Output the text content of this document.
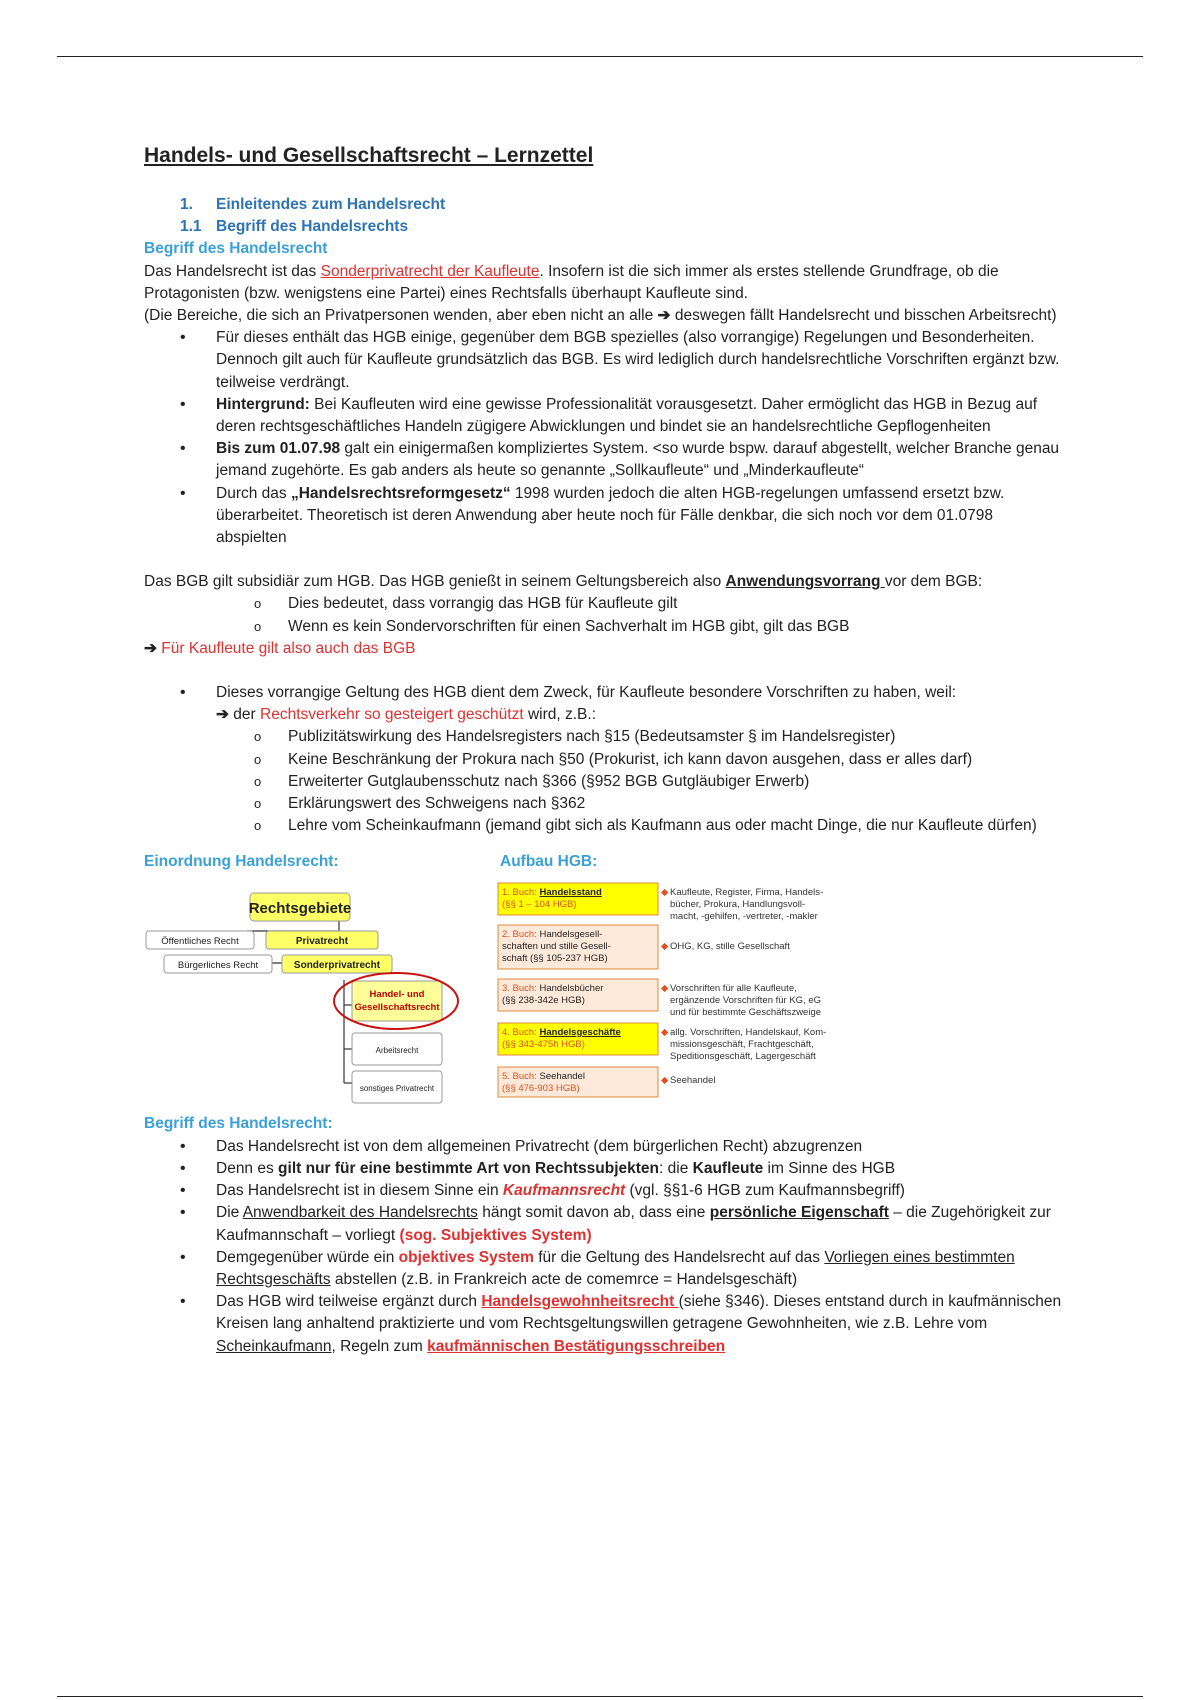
Handels- und Gesellschaftsrecht – Lernzettel
1. Einleitendes zum Handelsrecht
1.1 Begriff des Handelsrechts
Begriff des Handelsrecht

Das Handelsrecht ist das Sonderprivatrecht der Kaufleute. Insofern ist die sich immer als erstes stellende Grundfrage, ob die Protagonisten (bzw. wenigstens eine Partei) eines Rechtsfalls überhaupt Kaufleute sind.

(Die Bereiche, die sich an Privatpersonen wenden, aber eben nicht an alle ➔ deswegen fällt Handelsrecht und bisschen Arbeitsrecht)

• Für dieses enthält das HGB einige, gegenüber dem BGB spezielles (also vorrangige) Regelungen und Besonderheiten. Dennoch gilt auch für Kaufleute grundsätzlich das BGB. Es wird lediglich durch handelsrechtliche Vorschriften ergänzt bzw. teilweise verdrängt.
• Hintergrund: Bei Kaufleuten wird eine gewisse Professionalität vorausgesetzt. Daher ermöglicht das HGB in Bezug auf deren rechtsgeschäftliches Handeln zügigere Abwicklungen und bindet sie an handelsrechtliche Gepflogenheiten
• Bis zum 01.07.98 galt ein einigermaßen kompliziertes System. <so wurde bspw. darauf abgestellt, welcher Branche genau jemand zugehörte. Es gab anders als heute so genannte „Sollkaufleute“ und „Minderkaufleute“
• Durch das „Handelsrechtsreformgesetz“ 1998 wurden jedoch die alten HGB-regelungen umfassend ersetzt bzw. überarbeitet. Theoretisch ist deren Anwendung aber heute noch für Fälle denkbar, die sich noch vor dem 01.0798 abspielten

Das BGB gilt subsidiär zum HGB. Das HGB genießt in seinem Geltungsbereich also Anwendungsvorrang vor dem BGB:

o Dies bedeutet, dass vorrangig das HGB für Kaufleute gilt
o Wenn es kein Sondervorschriften für einen Sachverhalt im HGB gibt, gilt das BGB

➔ Für Kaufleute gilt also auch das BGB

• Dieses vorrangige Geltung des HGB dient dem Zweck, für Kaufleute besondere Vorschriften zu haben, weil:
➔ der Rechtsverkehr so gesteigert geschützt wird, z.B.:
o Publizitätswirkung des Handelsregisters nach §15 (Bedeutsamster § im Handelsregister)
o Keine Beschränkung der Prokura nach §50 (Prokurist, ich kann davon ausgehen, dass er alles darf)
o Erweiterter Gutglaubensschutz nach §366 (§952 BGB Gutgläubiger Erwerb)
o Erklärungswert des Schweigens nach §362
o Lehre vom Scheinkaufmann (jemand gibt sich als Kaufmann aus oder macht Dinge, die nur Kaufleute dürfen)
Einordnung Handelsrecht:	Aufbau HGB:
Rechtsgebiete
Öffentliches Recht	Privatrecht
Bürgerliches Recht	Sonderprivatrecht
Handel- und
Gesellschaftsrecht
Arbeitsrecht
sonstiges Privatrecht
1. Buch: Handelsstand
(§§ 1 – 104 HGB)
◆ Kaufleute, Register, Firma, Handels-
bücher, Prokura, Handlungsvoll-
macht, -gehilfen, -vertreter, -makler
2. Buch: Handelsgesell-
schaften und stille Gesell-
schaft (§§ 105-237 HGB)
◆ OHG, KG, stille Gesellschaft
3. Buch: Handelsbücher
(§§ 238-342e HGB)
◆ Vorschriften für alle Kaufleute,
ergänzende Vorschriften für KG, eG
und für bestimmte Geschäftszweige
4. Buch: Handelsgeschäfte
(§§ 343-475h HGB)
◆ allg. Vorschriften, Handelskauf, Kom-
missionsgeschäft, Frachtgeschäft,
Speditionsgeschäft, Lagergeschäft
5. Buch: Seehandel
(§§ 476-903 HGB)
◆ Seehandel
Begriff des Handelsrecht:
• Das Handelsrecht ist von dem allgemeinen Privatrecht (dem bürgerlichen Recht) abzugrenzen
• Denn es gilt nur für eine bestimmte Art von Rechtssubjekten: die Kaufleute im Sinne des HGB
• Das Handelsrecht ist in diesem Sinne ein Kaufmannsrecht (vgl. §§1-6 HGB zum Kaufmannsbegriff)
• Die Anwendbarkeit des Handelsrechts hängt somit davon ab, dass eine persönliche Eigenschaft – die Zugehörigkeit zur Kaufmannschaft – vorliegt (sog. Subjektives System)
• Demgegenüber würde ein objektives System für die Geltung des Handelsrecht auf das Vorliegen eines bestimmten Rechtsgeschäfts abstellen (z.B. in Frankreich acte de comemrce = Handelsgeschäft)
• Das HGB wird teilweise ergänzt durch Handelsgewohnheitsrecht (siehe §346). Dieses entstand durch in kaufmännischen Kreisen lang anhaltend praktizierte und vom Rechtsgeltungswillen getragene Gewohnheiten, wie z.B. Lehre vom Scheinkaufmann, Regeln zum kaufmännischen Bestätigungsschreiben
